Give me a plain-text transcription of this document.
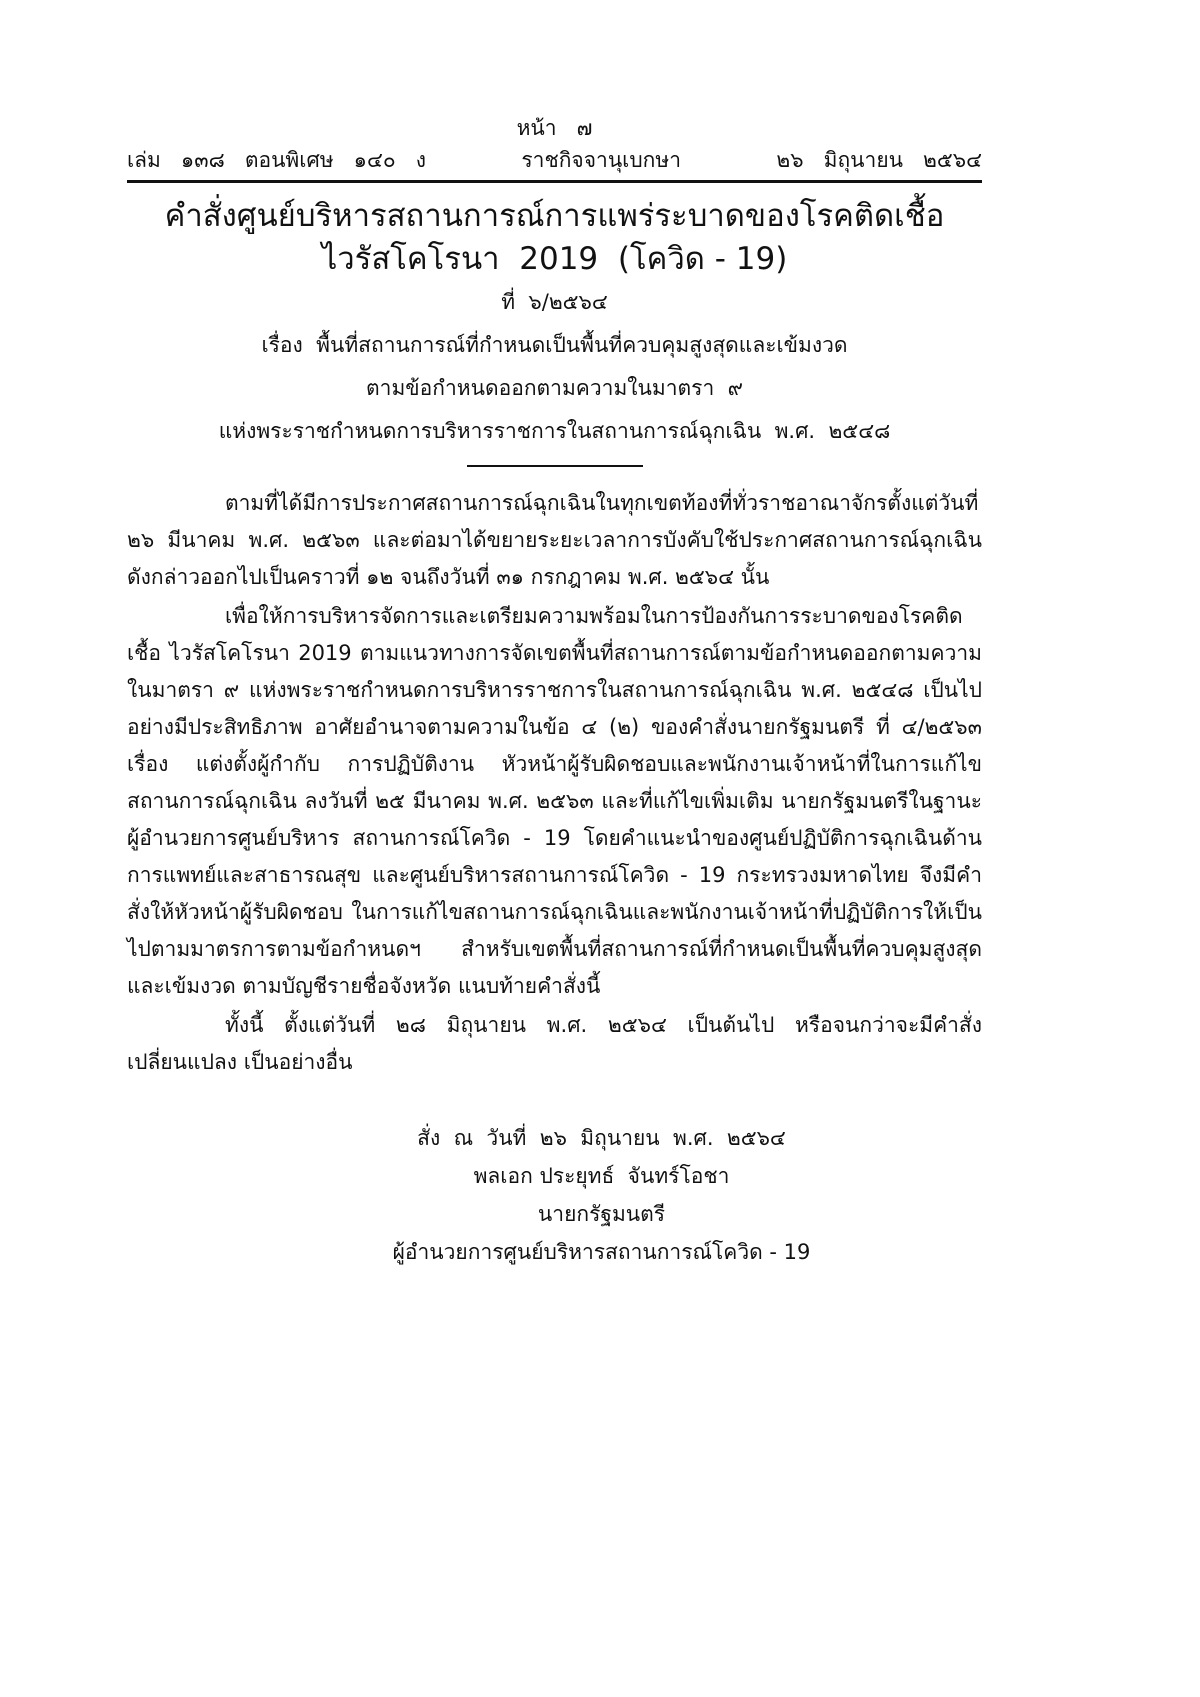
หน้า   ๗
เล่ม   ๑๓๘   ตอนพิเศษ   ๑๔๐   ง	ราชกิจจานุเบกษา	๒๖   มิถุนายน   ๒๕๖๔
คำสั่งศูนย์บริหารสถานการณ์การแพร่ระบาดของโรคติดเชื้อ
ไวรัสโคโรนา  2019  (โควิด - 19)
ที่  ๖/๒๕๖๔
เรื่อง  พื้นที่สถานการณ์ที่กำหนดเป็นพื้นที่ควบคุมสูงสุดและเข้มงวด
ตามข้อกำหนดออกตามความในมาตรา  ๙
แห่งพระราชกำหนดการบริหารราชการในสถานการณ์ฉุกเฉิน  พ.ศ.  ๒๕๔๘

ตามที่ได้มีการประกาศสถานการณ์ฉุกเฉินในทุกเขตท้องที่ทั่วราชอาณาจักรตั้งแต่วันที่ ๒๖ มีนาคม พ.ศ. ๒๕๖๓ และต่อมาได้ขยายระยะเวลาการบังคับใช้ประกาศสถานการณ์ฉุกเฉิน ดังกล่าวออกไปเป็นคราวที่ ๑๒ จนถึงวันที่ ๓๑ กรกฎาคม พ.ศ. ๒๕๖๔ นั้น

เพื่อให้การบริหารจัดการและเตรียมความพร้อมในการป้องกันการระบาดของโรคติดเชื้อ ไวรัสโคโรนา 2019 ตามแนวทางการจัดเขตพื้นที่สถานการณ์ตามข้อกำหนดออกตามความในมาตรา ๙ แห่งพระราชกำหนดการบริหารราชการในสถานการณ์ฉุกเฉิน พ.ศ. ๒๕๔๘ เป็นไปอย่างมีประสิทธิภาพ อาศัยอำนาจตามความในข้อ ๔ (๒) ของคำสั่งนายกรัฐมนตรี ที่ ๔/๒๕๖๓ เรื่อง แต่งตั้งผู้กำกับ การปฏิบัติงาน หัวหน้าผู้รับผิดชอบและพนักงานเจ้าหน้าที่ในการแก้ไขสถานการณ์ฉุกเฉิน ลงวันที่ ๒๕ มีนาคม พ.ศ. ๒๕๖๓ และที่แก้ไขเพิ่มเติม นายกรัฐมนตรีในฐานะผู้อำนวยการศูนย์บริหาร สถานการณ์โควิด - 19 โดยคำแนะนำของศูนย์ปฏิบัติการฉุกเฉินด้านการแพทย์และสาธารณสุข และศูนย์บริหารสถานการณ์โควิด - 19 กระทรวงมหาดไทย จึงมีคำสั่งให้หัวหน้าผู้รับผิดชอบ ในการแก้ไขสถานการณ์ฉุกเฉินและพนักงานเจ้าหน้าที่ปฏิบัติการให้เป็นไปตามมาตรการตามข้อกำหนดฯ สำหรับเขตพื้นที่สถานการณ์ที่กำหนดเป็นพื้นที่ควบคุมสูงสุดและเข้มงวด ตามบัญชีรายชื่อจังหวัด แนบท้ายคำสั่งนี้

ทั้งนี้ ตั้งแต่วันที่ ๒๘ มิถุนายน พ.ศ. ๒๕๖๔ เป็นต้นไป หรือจนกว่าจะมีคำสั่งเปลี่ยนแปลง เป็นอย่างอื่น

สั่ง  ณ  วันที่  ๒๖  มิถุนายน  พ.ศ.  ๒๕๖๔
พลเอก ประยุทธ์  จันทร์โอชา
นายกรัฐมนตรี
ผู้อำนวยการศูนย์บริหารสถานการณ์โควิด - 19
